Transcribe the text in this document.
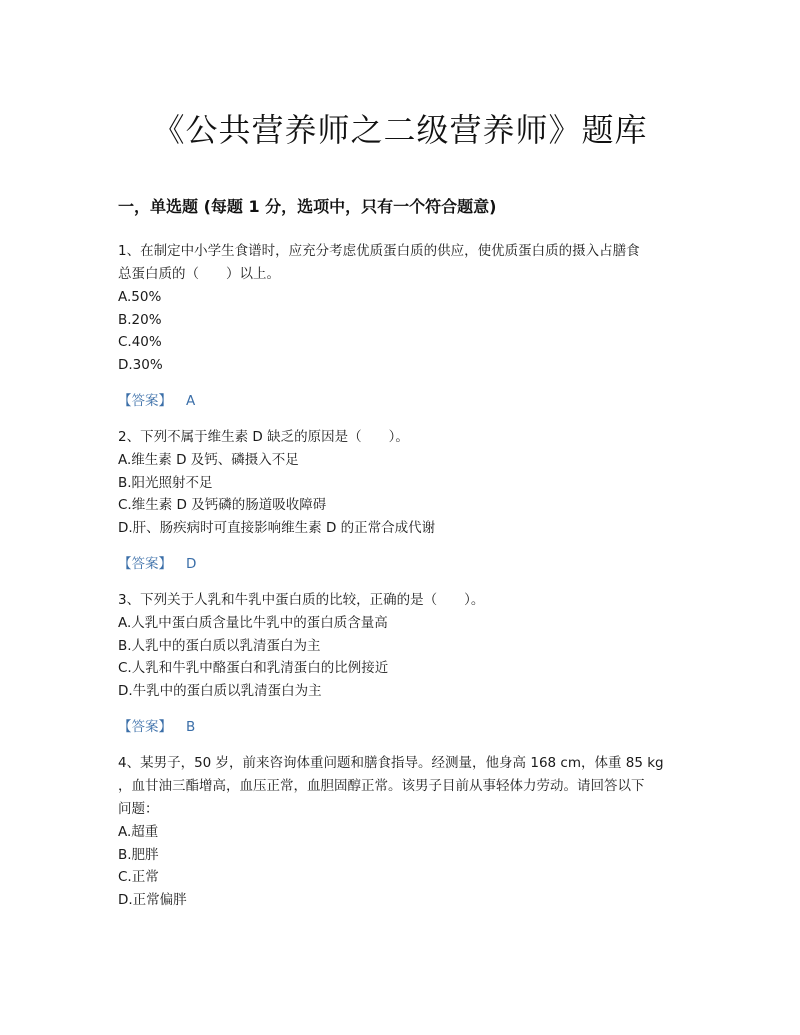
《公共营养师之二级营养师》题库
一，单选题 (每题 1 分，选项中，只有一个符合题意)

1、在制定中小学生食谱时，应充分考虑优质蛋白质的供应，使优质蛋白质的摄入占膳食

总蛋白质的（　　）以上。

A.50%

B.20%

C.40%

D.30%

【答案】 A

2、下列不属于维生素 D 缺乏的原因是（　　）。

A.维生素 D 及钙、磷摄入不足

B.阳光照射不足

C.维生素 D 及钙磷的肠道吸收障碍

D.肝、肠疾病时可直接影响维生素 D 的正常合成代谢

【答案】 D

3、下列关于人乳和牛乳中蛋白质的比较，正确的是（　　）。

A.人乳中蛋白质含量比牛乳中的蛋白质含量高

B.人乳中的蛋白质以乳清蛋白为主

C.人乳和牛乳中酪蛋白和乳清蛋白的比例接近

D.牛乳中的蛋白质以乳清蛋白为主

【答案】 B

4、某男子，50 岁，前来咨询体重问题和膳食指导。经测量，他身高 168 cm，体重 85 kg

，血甘油三酯增高，血压正常，血胆固醇正常。该男子目前从事轻体力劳动。请回答以下

问题：

A.超重

B.肥胖

C.正常

D.正常偏胖
